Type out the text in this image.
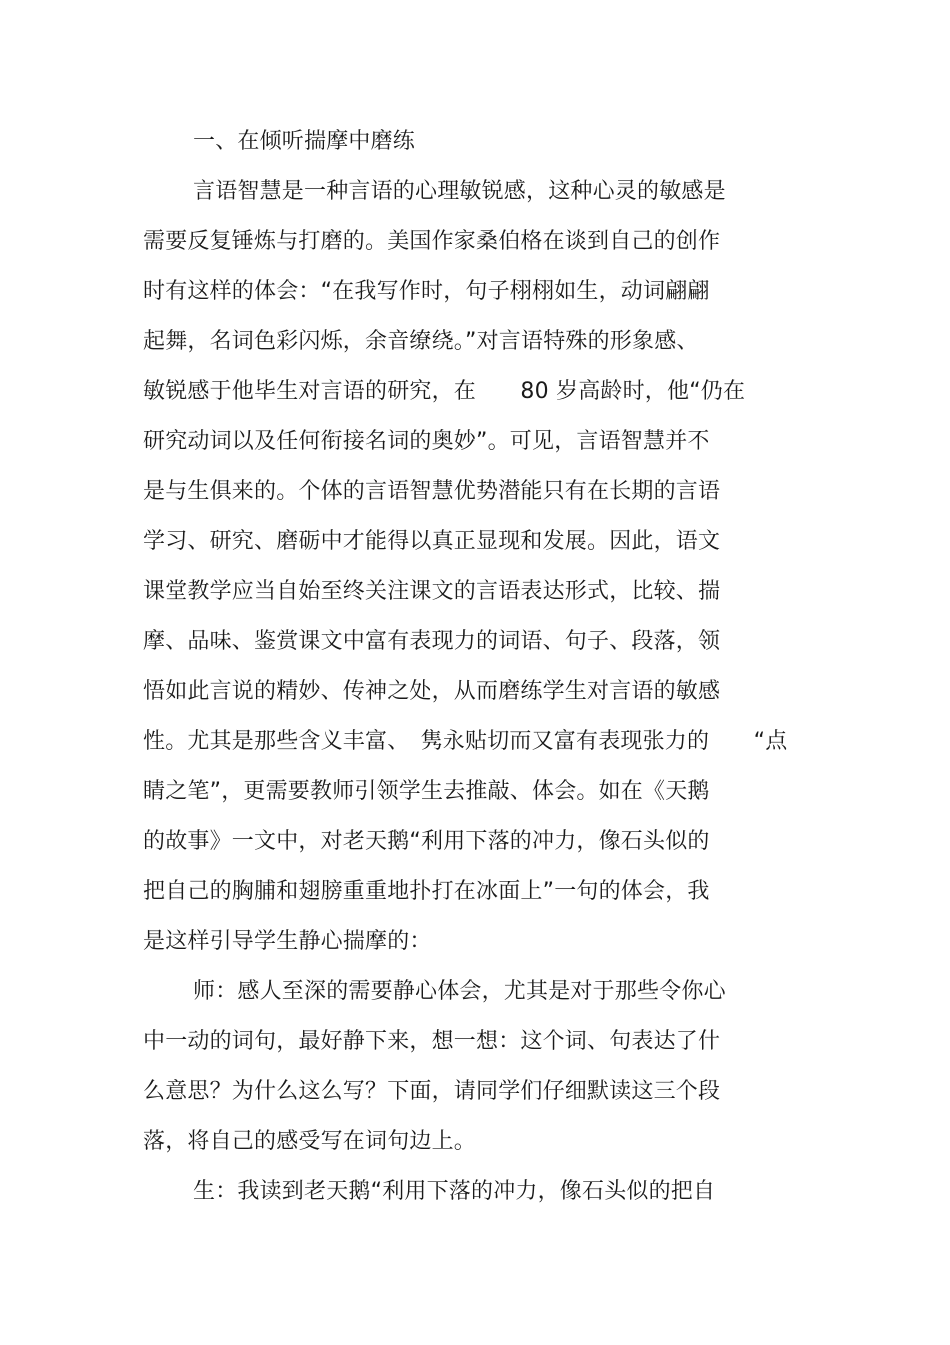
一、在倾听揣摩中磨练
言语智慧是一种言语的心理敏锐感，这种心灵的敏感是
需要反复锤炼与打磨的。美国作家桑伯格在谈到自己的创作
时有这样的体会：“在我写作时，句子栩栩如生，动词翩翩
起舞，名词色彩闪烁，余音缭绕。”对言语特殊的形象感、
敏锐感于他毕生对言语的研究，在　　80 岁高龄时，他“仍在
研究动词以及任何衔接名词的奥妙”。可见，言语智慧并不
是与生俱来的。个体的言语智慧优势潜能只有在长期的言语
学习、研究、磨砺中才能得以真正显现和发展。因此，语文
课堂教学应当自始至终关注课文的言语表达形式，比较、揣
摩、品味、鉴赏课文中富有表现力的词语、句子、段落，领
悟如此言说的精妙、传神之处，从而磨练学生对言语的敏感
性。尤其是那些含义丰富、　隽永贴切而又富有表现张力的　　“点
睛之笔”，更需要教师引领学生去推敲、体会。如在《天鹅
的故事》一文中，对老天鹅“利用下落的冲力，像石头似的
把自己的胸脯和翅膀重重地扑打在冰面上”一句的体会，我
是这样引导学生静心揣摩的：
师：感人至深的需要静心体会，尤其是对于那些令你心
中一动的词句，最好静下来，想一想：这个词、句表达了什
么意思？为什么这么写？下面，请同学们仔细默读这三个段
落，将自己的感受写在词句边上。
生：我读到老天鹅“利用下落的冲力，像石头似的把自
